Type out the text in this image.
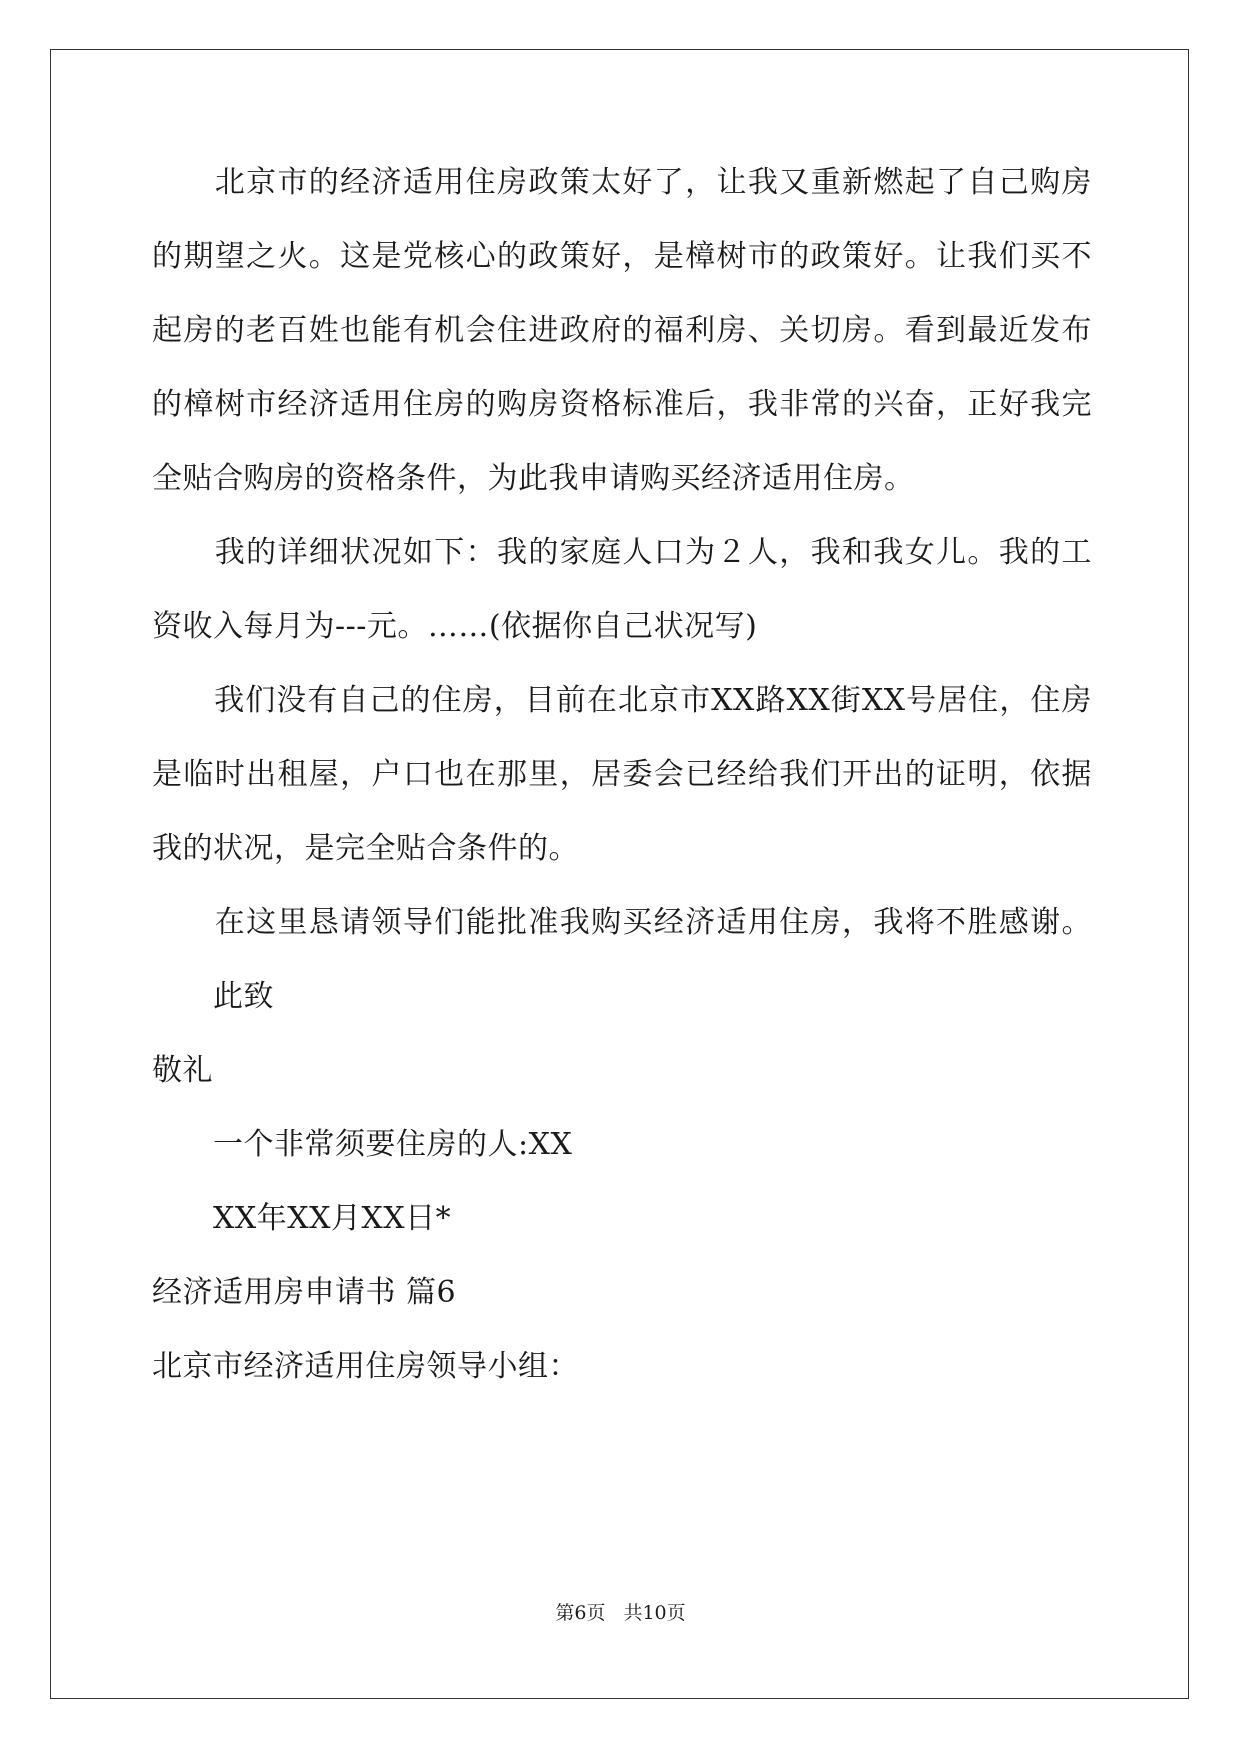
　　北京市的经济适用住房政策太好了，让我又重新燃起了自己购房
的期望之火。这是党核心的政策好，是樟树市的政策好。让我们买不
起房的老百姓也能有机会住进政府的福利房、关切房。看到最近发布
的樟树市经济适用住房的购房资格标准后，我非常的兴奋，正好我完
全贴合购房的资格条件，为此我申请购买经济适用住房。
　　我的详细状况如下：我的家庭人口为２人，我和我女儿。我的工
资收入每月为---元。……(依据你自己状况写)
　　我们没有自己的住房，目前在北京市XX路XX街XX号居住，住房
是临时出租屋，户口也在那里，居委会已经给我们开出的证明，依据
我的状况，是完全贴合条件的。
　　在这里恳请领导们能批准我购买经济适用住房，我将不胜感谢。
　　此致
敬礼
　　一个非常须要住房的人:XX
　　XX年XX月XX日*
经济适用房申请书 篇6
北京市经济适用住房领导小组：
第6页 共10页
